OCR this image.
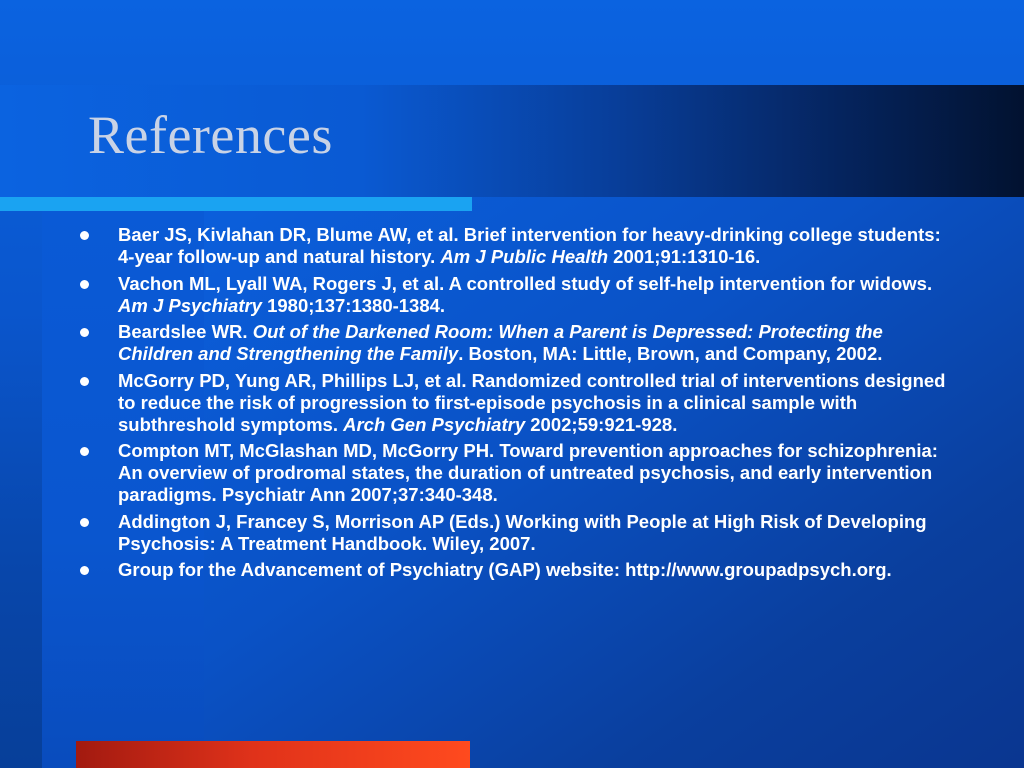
References
Baer JS, Kivlahan DR, Blume AW, et al. Brief intervention for heavy-drinking college students: 4-year follow-up and natural history. Am J Public Health 2001;91:1310-16.
Vachon ML, Lyall WA, Rogers J, et al. A controlled study of self-help intervention for widows. Am J Psychiatry 1980;137:1380-1384.
Beardslee WR. Out of the Darkened Room: When a Parent is Depressed: Protecting the Children and Strengthening the Family. Boston, MA: Little, Brown, and Company, 2002.
McGorry PD, Yung AR, Phillips LJ, et al. Randomized controlled trial of interventions designed to reduce the risk of progression to first-episode psychosis in a clinical sample with subthreshold symptoms. Arch Gen Psychiatry 2002;59:921-928.
Compton MT, McGlashan MD, McGorry PH. Toward prevention approaches for schizophrenia: An overview of prodromal states, the duration of untreated psychosis, and early intervention paradigms. Psychiatr Ann 2007;37:340-348.
Addington J, Francey S, Morrison AP (Eds.) Working with People at High Risk of Developing Psychosis: A Treatment Handbook. Wiley, 2007.
Group for the Advancement of Psychiatry (GAP) website: http://www.groupadpsych.org.
